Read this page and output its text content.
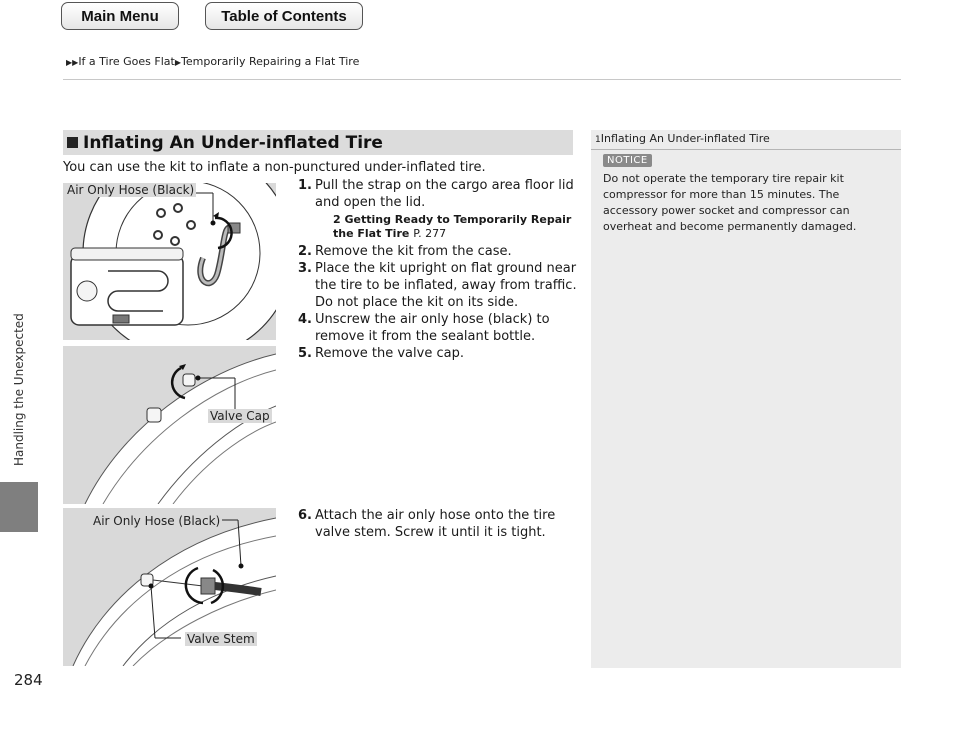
Main Menu	Table of Contents
▶▶If a Tire Goes Flat▶Temporarily Repairing a Flat Tire
Handling the Unexpected
284
Inflating An Under-inflated Tire
You can use the kit to inflate a non-punctured under-inflated tire.
Air Only Hose (Black)
Valve Cap
Air Only Hose (Black)
Valve Stem
1. Pull the strap on the cargo area floor lid and open the lid.
2 Getting Ready to Temporarily Repair
the Flat Tire P. 277
2. Remove the kit from the case.
3. Place the kit upright on flat ground near the tire to be inflated, away from traffic. Do not place the kit on its side.
4. Unscrew the air only hose (black) to remove it from the sealant bottle.
5. Remove the valve cap.
6. Attach the air only hose onto the tire valve stem. Screw it until it is tight.
1Inflating An Under-inflated Tire
NOTICE
Do not operate the temporary tire repair kit compressor for more than 15 minutes. The accessory power socket and compressor can overheat and become permanently damaged.
